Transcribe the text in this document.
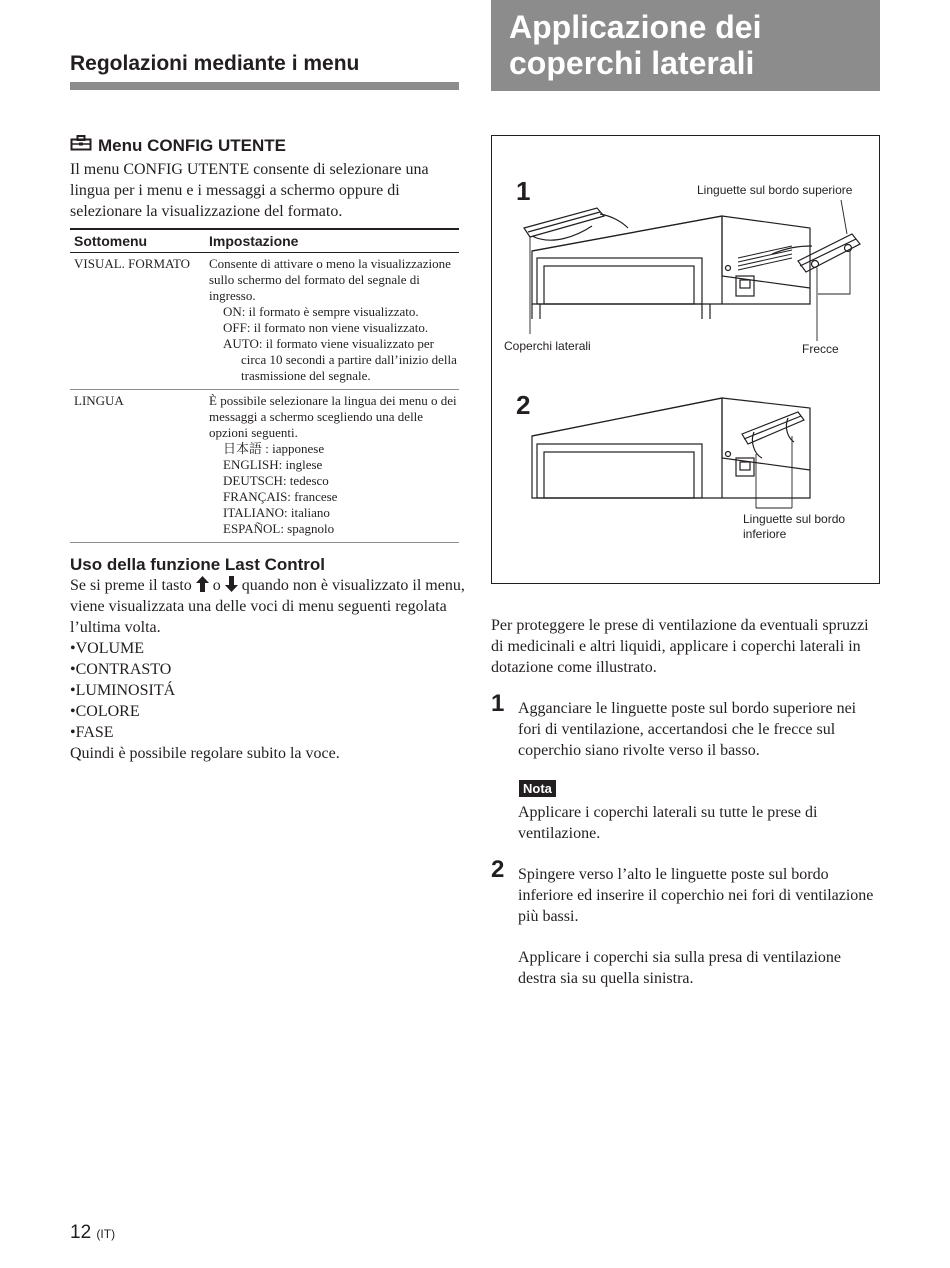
Regolazioni mediante i menu
Applicazione dei coperchi laterali
Menu CONFIG UTENTE
Il menu CONFIG UTENTE consente di selezionare una lingua per i menu e i messaggi a schermo oppure di selezionare la visualizzazione del formato.
Sottomenu	Impostazione
VISUAL. FORMATO	Consente di attivare o meno la visualizzazione sullo schermo del formato del segnale di ingresso.
ON: il formato è sempre visualizzato.
OFF: il formato non viene visualizzato.
AUTO: il formato viene visualizzato per
circa 10 secondi a partire dall’inizio della trasmissione del segnale.
LINGUA	È possibile selezionare la lingua dei menu o dei messaggi a schermo scegliendo una delle opzioni seguenti.
日本語 : iapponese
ENGLISH: inglese
DEUTSCH: tedesco
FRANÇAIS: francese
ITALIANO: italiano
ESPAÑOL: spagnolo
Uso della funzione Last Control
Se si preme il tasto o quando non è visualizzato il menu, viene visualizzata una delle voci di menu seguenti regolata l’ultima volta.
•VOLUME
•CONTRASTO
•LUMINOSITÁ
•COLORE
•FASE
Quindi è possibile regolare subito la voce.
1
2
Linguette sul bordo superiore
Coperchi laterali	Frecce
Linguette sul bordo
inferiore
Per proteggere le prese di ventilazione da eventuali spruzzi di medicinali e altri liquidi, applicare i coperchi laterali in dotazione come illustrato.
1 Agganciare le linguette poste sul bordo superiore nei fori di ventilazione, accertandosi che le frecce sul coperchio siano rivolte verso il basso.
Nota
Applicare i coperchi laterali su tutte le prese di ventilazione.
2 Spingere verso l’alto le linguette poste sul bordo inferiore ed inserire il coperchio nei fori di ventilazione più bassi.
Applicare i coperchi sia sulla presa di ventilazione destra sia su quella sinistra.
12 (IT)
